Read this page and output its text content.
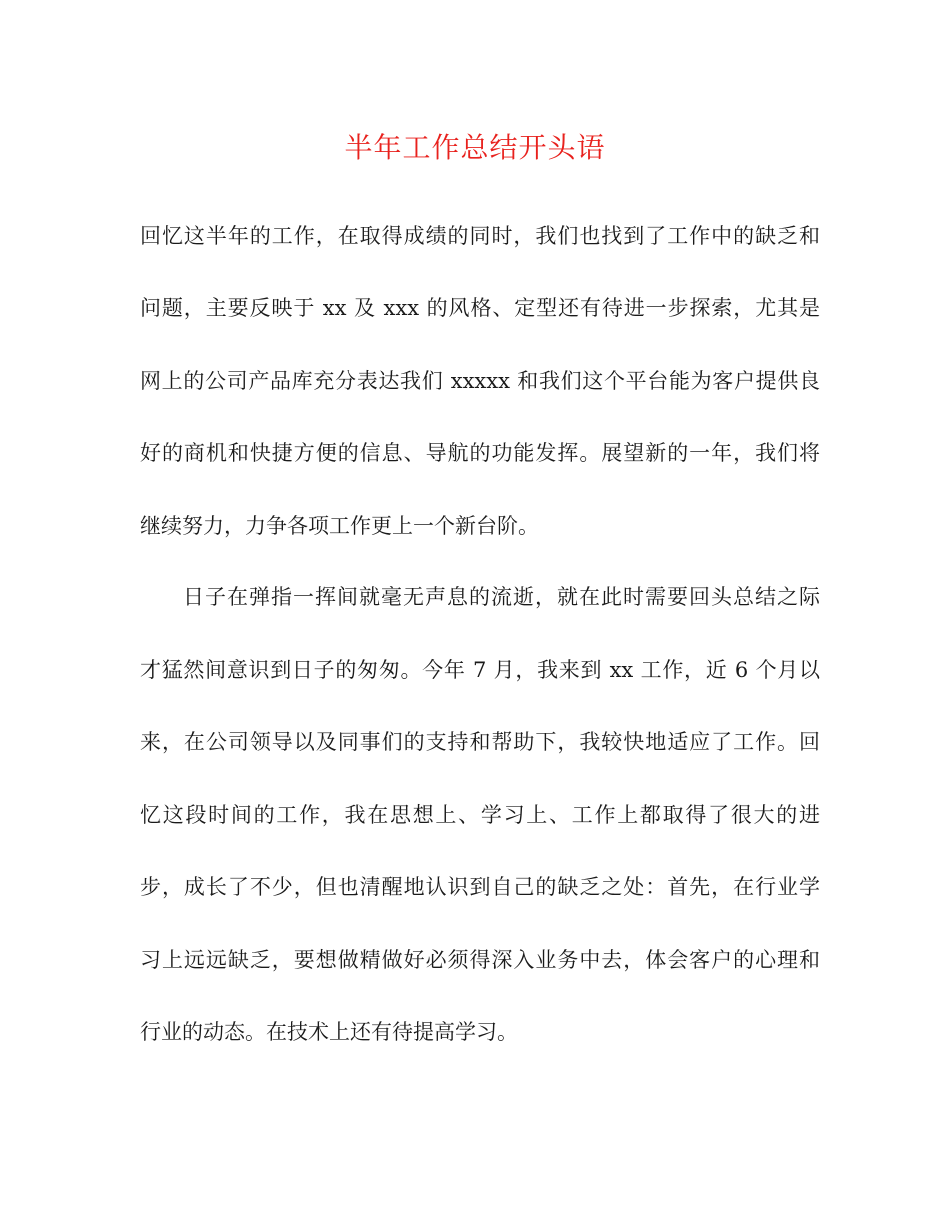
半年工作总结开头语

回忆这半年的工作，在取得成绩的同时，我们也找到了工作中的缺乏和

问题，主要反映于 xx 及 xxx 的风格、定型还有待进一步探索，尤其是

网上的公司产品库充分表达我们 xxxxx 和我们这个平台能为客户提供良

好的商机和快捷方便的信息、导航的功能发挥。展望新的一年，我们将

继续努力，力争各项工作更上一个新台阶。

日子在弹指一挥间就毫无声息的流逝，就在此时需要回头总结之际

才猛然间意识到日子的匆匆。今年 7 月，我来到 xx 工作，近 6 个月以

来，在公司领导以及同事们的支持和帮助下，我较快地适应了工作。回

忆这段时间的工作，我在思想上、学习上、工作上都取得了很大的进

步，成长了不少，但也清醒地认识到自己的缺乏之处：首先，在行业学

习上远远缺乏，要想做精做好必须得深入业务中去，体会客户的心理和

行业的动态。在技术上还有待提高学习。
